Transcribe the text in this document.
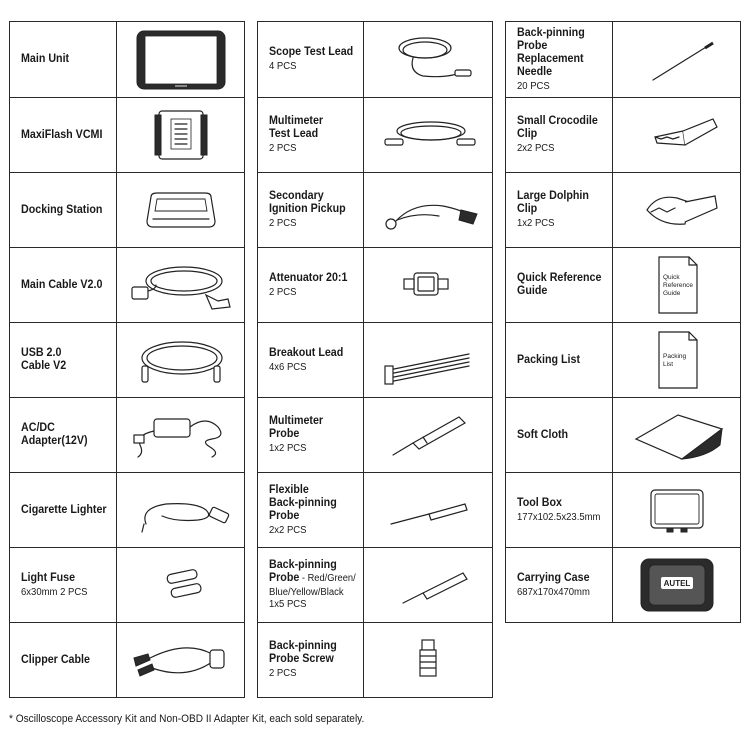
Main Unit
MaxiFlash VCMI
Docking Station
Main Cable V2.0
USB 2.0
Cable V2
AC/DC
Adapter(12V)
Cigarette Lighter
Light Fuse
6x30mm 2 PCS
Clipper Cable
Scope Test Lead
4 PCS
Multimeter
Test Lead
2 PCS
Secondary
Ignition Pickup
2 PCS
Attenuator 20:1
2 PCS
Breakout Lead
4x6 PCS
Multimeter
Probe
1x2 PCS
Flexible
Back-pinning
Probe
2x2 PCS
Back-pinning
Probe - Red/Green/
Blue/Yellow/Black
1x5 PCS
Back-pinning
Probe Screw
2 PCS
Back-pinning
Probe
Replacement
Needle
20 PCS
Small Crocodile
Clip
2x2 PCS
Large Dolphin
Clip
1x2 PCS
Quick Reference
Guide
Quick
Reference
Guide
Packing List	Packing
List
Soft Cloth
Tool Box
177x102.5x23.5mm
Carrying Case
687x170x470mm
AUTEL
* Oscilloscope Accessory Kit and Non-OBD II Adapter Kit, each sold separately.
